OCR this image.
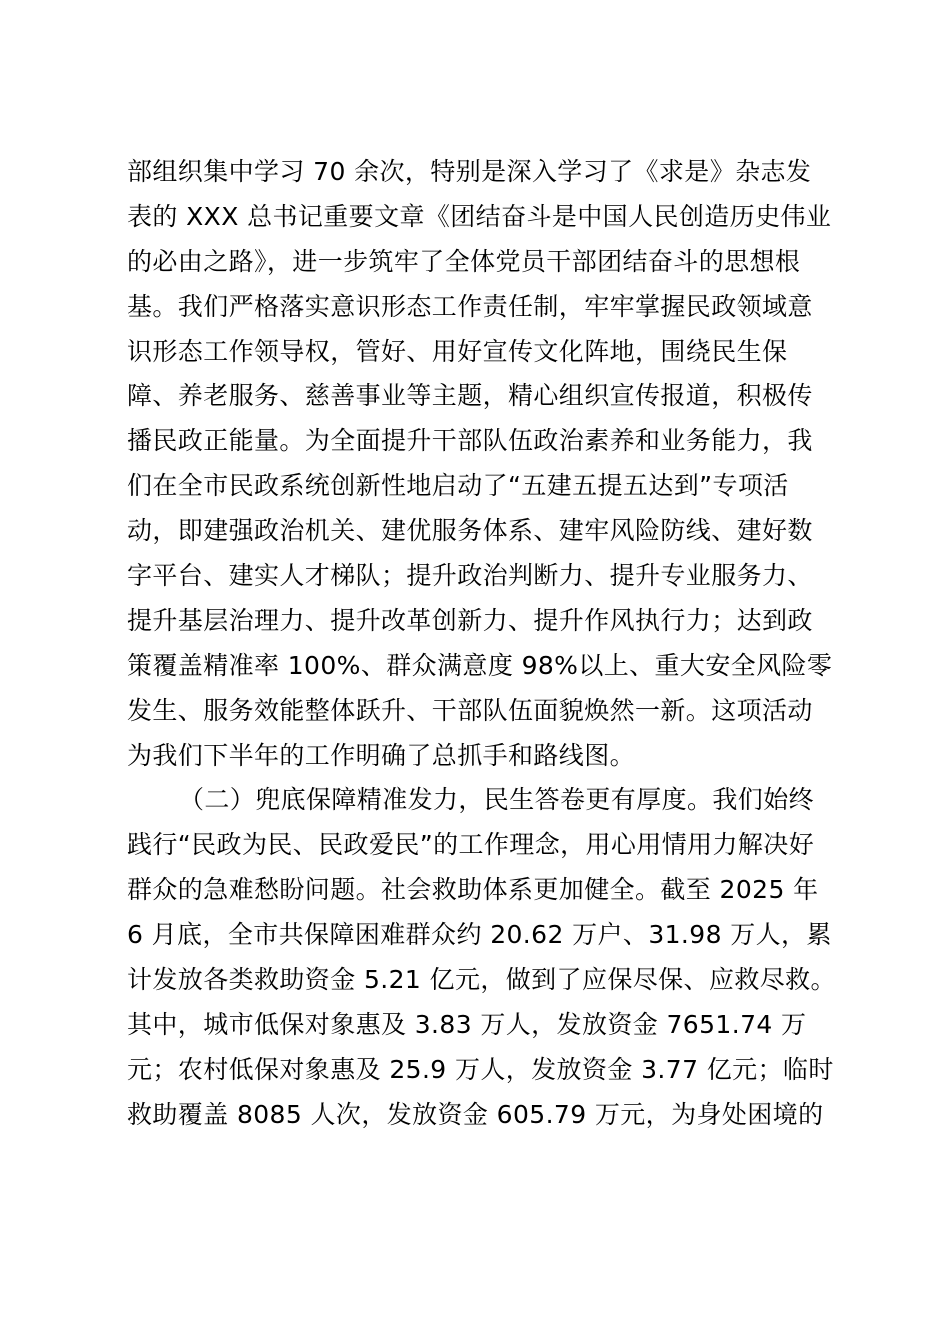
部组织集中学习 70 余次，特别是深入学习了《求是》杂志发
表的 XXX 总书记重要文章《团结奋斗是中国人民创造历史伟业
的必由之路》，进一步筑牢了全体党员干部团结奋斗的思想根
基。我们严格落实意识形态工作责任制，牢牢掌握民政领域意
识形态工作领导权，管好、用好宣传文化阵地，围绕民生保
障、养老服务、慈善事业等主题，精心组织宣传报道，积极传
播民政正能量。为全面提升干部队伍政治素养和业务能力，我
们在全市民政系统创新性地启动了“五建五提五达到”专项活
动，即建强政治机关、建优服务体系、建牢风险防线、建好数
字平台、建实人才梯队；提升政治判断力、提升专业服务力、
提升基层治理力、提升改革创新力、提升作风执行力；达到政
策覆盖精准率 100%、群众满意度 98%以上、重大安全风险零
发生、服务效能整体跃升、干部队伍面貌焕然一新。这项活动
为我们下半年的工作明确了总抓手和路线图。
（二）兜底保障精准发力，民生答卷更有厚度。我们始终
践行“民政为民、民政爱民”的工作理念，用心用情用力解决好
群众的急难愁盼问题。社会救助体系更加健全。截至 2025 年
6 月底，全市共保障困难群众约 20.62 万户、31.98 万人，累
计发放各类救助资金 5.21 亿元，做到了应保尽保、应救尽救。
其中，城市低保对象惠及 3.83 万人，发放资金 7651.74 万
元；农村低保对象惠及 25.9 万人，发放资金 3.77 亿元；临时
救助覆盖 8085 人次，发放资金 605.79 万元，为身处困境的
